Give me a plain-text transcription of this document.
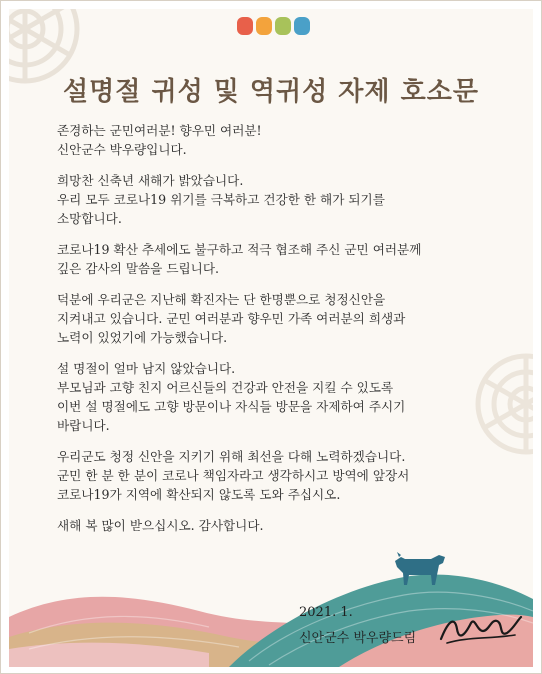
설명절 귀성 및 역귀성 자제 호소문

존경하는 군민여러분! 향우민 여러분!
신안군수 박우량입니다.

희망찬 신축년 새해가 밝았습니다.
우리 모두 코로나19 위기를 극복하고 건강한 한 해가 되기를
소망합니다.

코로나19 확산 추세에도 불구하고 적극 협조해 주신 군민 여러분께
깊은 감사의 말씀을 드립니다.

덕분에 우리군은 지난해 확진자는 단 한명뿐으로 청정신안을
지켜내고 있습니다. 군민 여러분과 향우민 가족 여러분의 희생과
노력이 있었기에 가능했습니다.

설 명절이 얼마 남지 않았습니다.
부모님과 고향 친지 어르신들의 건강과 안전을 지킬 수 있도록
이번 설 명절에도 고향 방문이나 자식들 방문을 자제하여 주시기
바랍니다.

우리군도 청정 신안을 지키기 위해 최선을 다해 노력하겠습니다.
군민 한 분 한 분이 코로나 책임자라고 생각하시고 방역에 앞장서
코로나19가 지역에 확산되지 않도록 도와 주십시오.

새해 복 많이 받으십시오. 감사합니다.

2021. 1.
신안군수 박우량드림
